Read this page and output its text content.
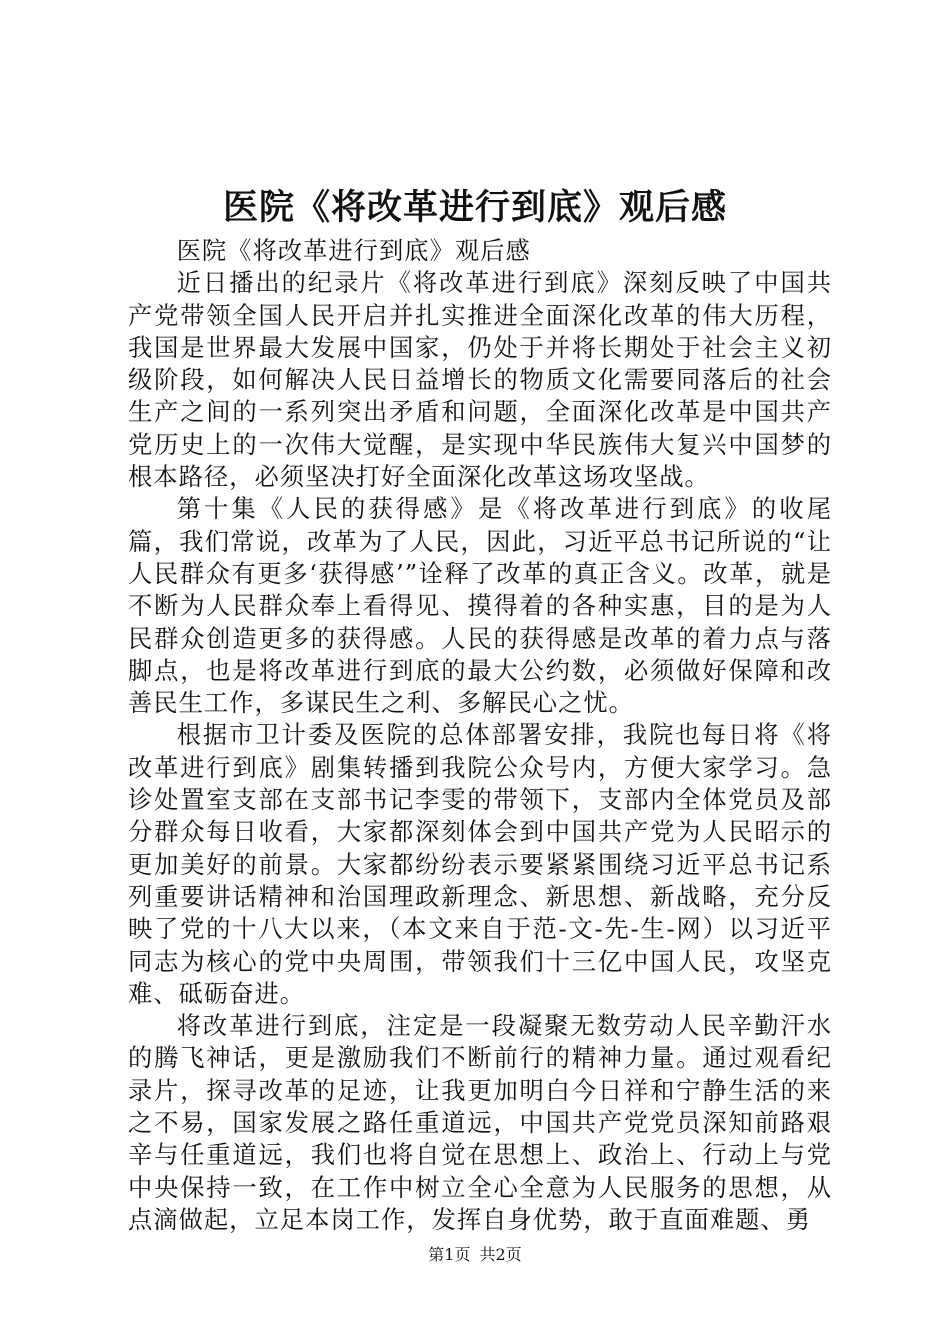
医院《将改革进行到底》观后感

医院《将改革进行到底》观后感

近日播出的纪录片《将改革进行到底》深刻反映了中国共产党带领全国人民开启并扎实推进全面深化改革的伟大历程，我国是世界最大发展中国家，仍处于并将长期处于社会主义初级阶段，如何解决人民日益增长的物质文化需要同落后的社会生产之间的一系列突出矛盾和问题，全面深化改革是中国共产党历史上的一次伟大觉醒，是实现中华民族伟大复兴中国梦的根本路径，必须坚决打好全面深化改革这场攻坚战。

第十集《人民的获得感》是《将改革进行到底》的收尾篇，我们常说，改革为了人民，因此，习近平总书记所说的“让人民群众有更多‘获得感’”诠释了改革的真正含义。改革，就是不断为人民群众奉上看得见、摸得着的各种实惠，目的是为人民群众创造更多的获得感。人民的获得感是改革的着力点与落脚点，也是将改革进行到底的最大公约数，必须做好保障和改善民生工作，多谋民生之利、多解民心之忧。

根据市卫计委及医院的总体部署安排，我院也每日将《将改革进行到底》剧集转播到我院公众号内，方便大家学习。急诊处置室支部在支部书记李雯的带领下，支部内全体党员及部分群众每日收看，大家都深刻体会到中国共产党为人民昭示的更加美好的前景。大家都纷纷表示要紧紧围绕习近平总书记系列重要讲话精神和治国理政新理念、新思想、新战略，充分反映了党的十八大以来，（本文来自于范-文-先-生-网）以习近平同志为核心的党中央周围，带领我们十三亿中国人民，攻坚克难、砥砺奋进。

将改革进行到底，注定是一段凝聚无数劳动人民辛勤汗水的腾飞神话，更是激励我们不断前行的精神力量。通过观看纪录片，探寻改革的足迹，让我更加明白今日祥和宁静生活的来之不易，国家发展之路任重道远，中国共产党党员深知前路艰辛与任重道远，我们也将自觉在思想上、政治上、行动上与党中央保持一致，在工作中树立全心全意为人民服务的思想，从点滴做起，立足本岗工作，发挥自身优势，敢于直面难题、勇

第1页 共2页
